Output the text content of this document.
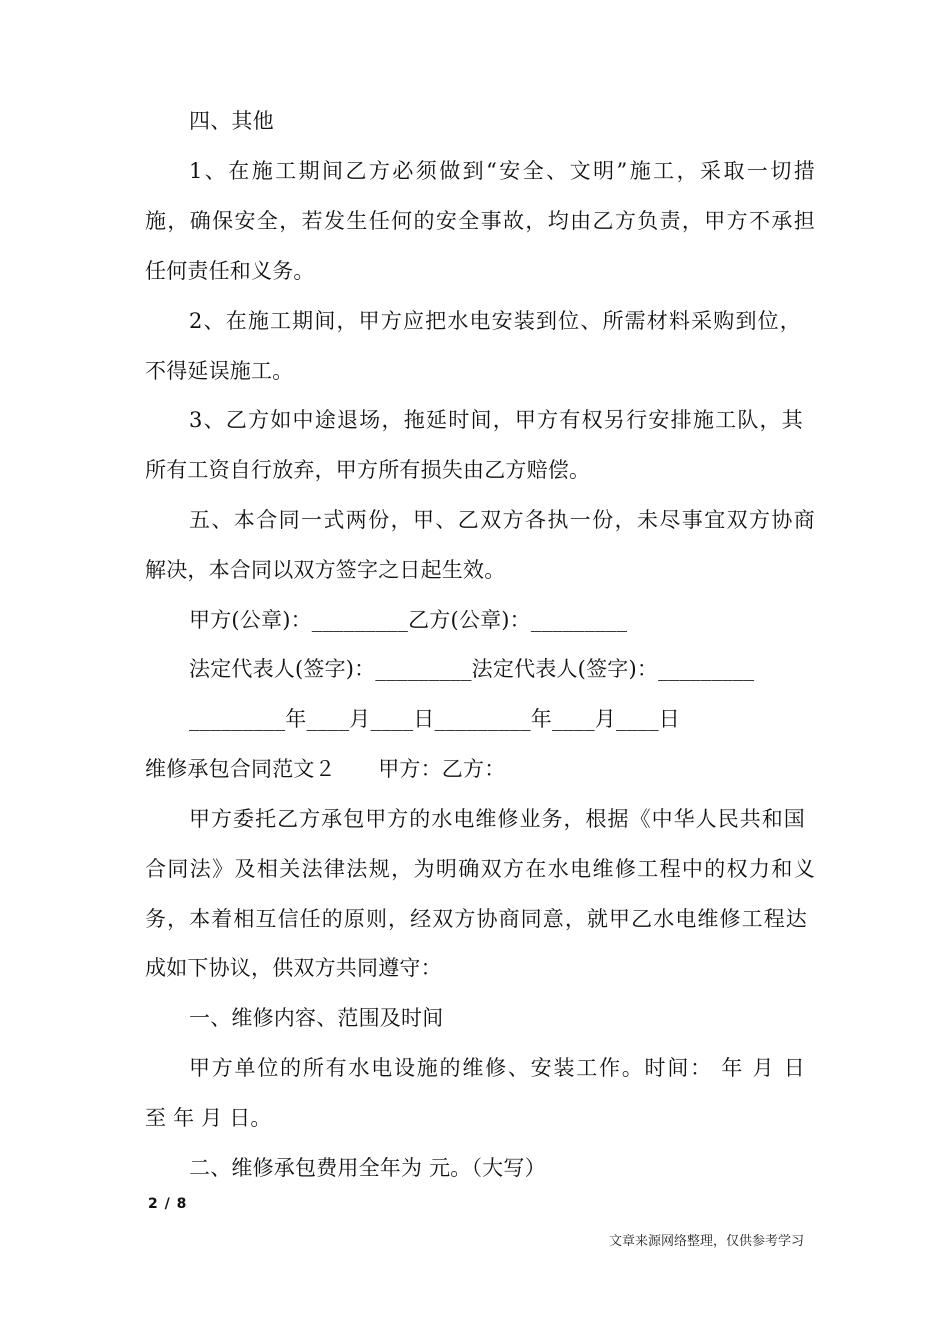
四、其他
1、在施工期间乙方必须做到“安全、文明”施工，采取一切措
施，确保安全，若发生任何的安全事故，均由乙方负责，甲方不承担
任何责任和义务。
2、在施工期间，甲方应把水电安装到位、所需材料采购到位，
不得延误施工。
3、乙方如中途退场，拖延时间，甲方有权另行安排施工队，其
所有工资自行放弃，甲方所有损失由乙方赔偿。
五、本合同一式两份，甲、乙双方各执一份，未尽事宜双方协商
解决，本合同以双方签字之日起生效。
甲方(公章)：_________乙方(公章)：_________
法定代表人(签字)：_________法定代表人(签字)：_________
_________年____月____日_________年____月____日
维修承包合同范文２　　甲方：乙方：
甲方委托乙方承包甲方的水电维修业务，根据《中华人民共和国
合同法》及相关法律法规，为明确双方在水电维修工程中的权力和义
务，本着相互信任的原则，经双方协商同意，就甲乙水电维修工程达
成如下协议，供双方共同遵守：
一、维修内容、范围及时间
甲方单位的所有水电设施的维修、安装工作。时间： 年 月 日
至 年 月 日。
二、维修承包费用全年为 元。（大写）
2 / 8
文章来源网络整理，仅供参考学习
